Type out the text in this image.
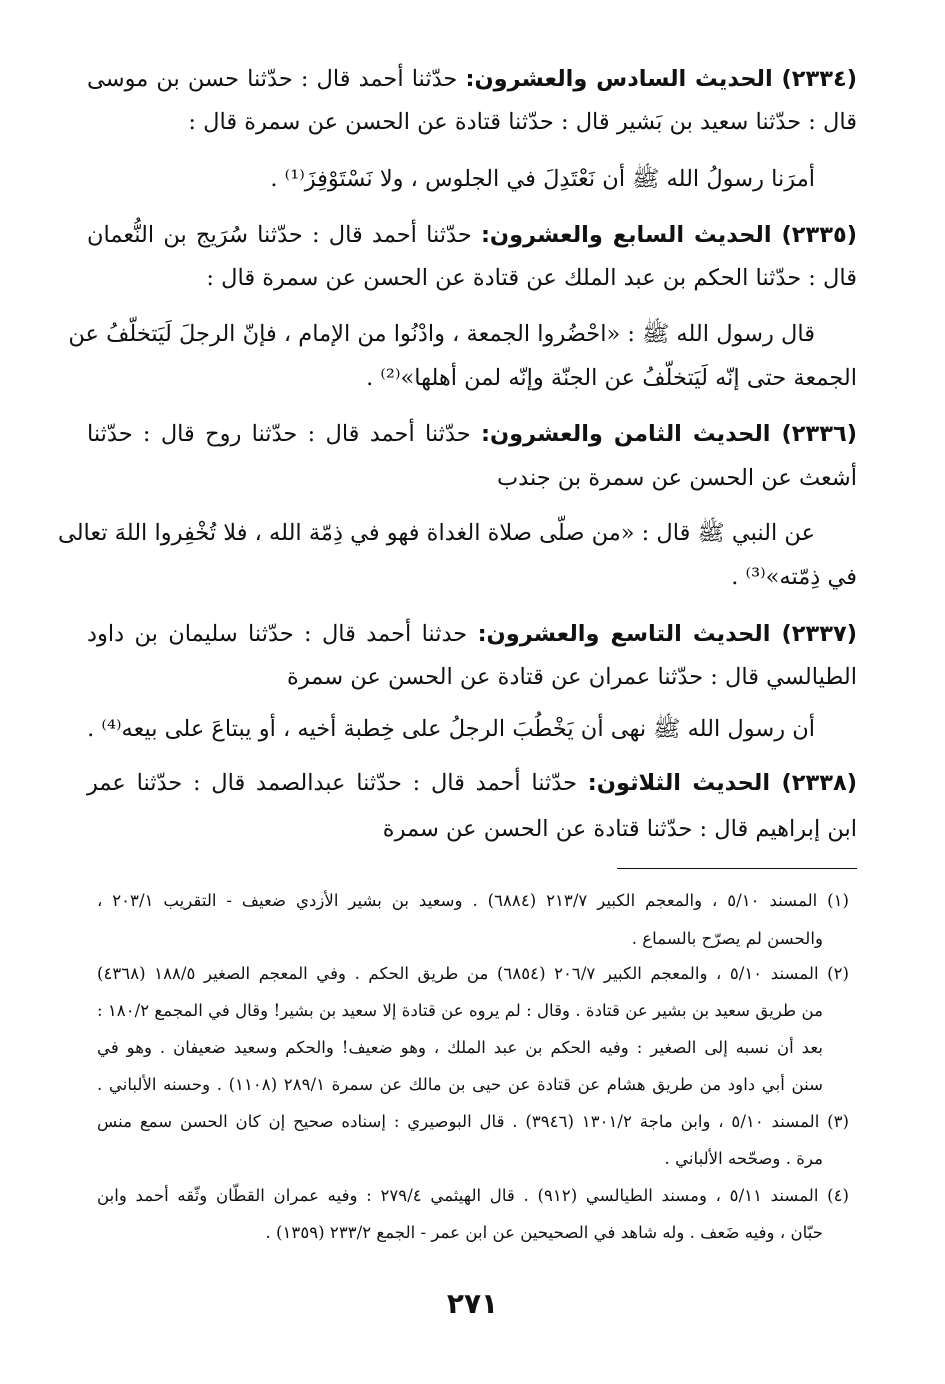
(٢٣٣٤) الحديث السادس والعشرون: حدّثنا أحمد قال : حدّثنا حسن بن موسى
قال : حدّثنا سعيد بن بَشير قال : حدّثنا قتادة عن الحسن عن سمرة قال :
أمرَنا رسولُ الله ﷺ أن نَعْتَدِلَ في الجلوس ، ولا نَسْتَوْفِزَ⁽¹⁾ .
(٢٣٣٥) الحديث السابع والعشرون: حدّثنا أحمد قال : حدّثنا سُرَيج بن النُّعمان
قال : حدّثنا الحكم بن عبد الملك عن قتادة عن الحسن عن سمرة قال :
قال رسول الله ﷺ : «احْضُروا الجمعة ، وادْنُوا من الإمام ، فإنّ الرجلَ لَيَتخلّفُ عن
الجمعة حتى إنّه لَيَتخلّفُ عن الجنّة وإنّه لمن أهلها»⁽²⁾ .
(٢٣٣٦) الحديث الثامن والعشرون: حدّثنا أحمد قال : حدّثنا روح قال : حدّثنا
أشعث عن الحسن عن سمرة بن جندب
عن النبي ﷺ قال : «من صلّى صلاة الغداة فهو في ذِمّة الله ، فلا تُخْفِروا اللهَ تعالى
في ذِمّته»⁽³⁾ .
(٢٣٣٧) الحديث التاسع والعشرون: حدثنا أحمد قال : حدّثنا سليمان بن داود
الطيالسي قال : حدّثنا عمران عن قتادة عن الحسن عن سمرة
أن رسول الله ﷺ نهى أن يَخْطُبَ الرجلُ على خِطبة أخيه ، أو يبتاعَ على بيعه⁽⁴⁾ .
(٢٣٣٨) الحديث الثلاثون: حدّثنا أحمد قال : حدّثنا عبدالصمد قال : حدّثنا عمر
ابن إبراهيم قال : حدّثنا قتادة عن الحسن عن سمرة
(١) المسند ٥/١٠ ، والمعجم الكبير ٢١٣/٧ (٦٨٨٤) . وسعيد بن بشير الأزدي ضعيف - التقريب ٢٠٣/١ ،
والحسن لم يصرّح بالسماع .
(٢) المسند ٥/١٠ ، والمعجم الكبير ٢٠٦/٧ (٦٨٥٤) من طريق الحكم . وفي المعجم الصغير ١٨٨/٥ (٤٣٦٨)
من طريق سعيد بن بشير عن قتادة . وقال : لم يروه عن قتادة إلا سعيد بن بشير! وقال في المجمع ١٨٠/٢ :
بعد أن نسبه إلى الصغير : وفيه الحكم بن عبد الملك ، وهو ضعيف! والحكم وسعيد ضعيفان . وهو في
سنن أبي داود من طريق هشام عن قتادة عن حيى بن مالك عن سمرة ٢٨٩/١ (١١٠٨) . وحسنه الألباني .
(٣) المسند ٥/١٠ ، وابن ماجة ١٣٠١/٢ (٣٩٤٦) . قال البوصيري : إسناده صحيح إن كان الحسن سمع منس
مرة . وصحّحه الألباني .
(٤) المسند ٥/١١ ، ومسند الطيالسي (٩١٢) . قال الهيثمي ٢٧٩/٤ : وفيه عمران القطّان وثّقه أحمد وابن
حبّان ، وفيه ضَعف . وله شاهد في الصحيحين عن ابن عمر - الجمع ٢٣٣/٢ (١٣٥٩) .
٢٧١
